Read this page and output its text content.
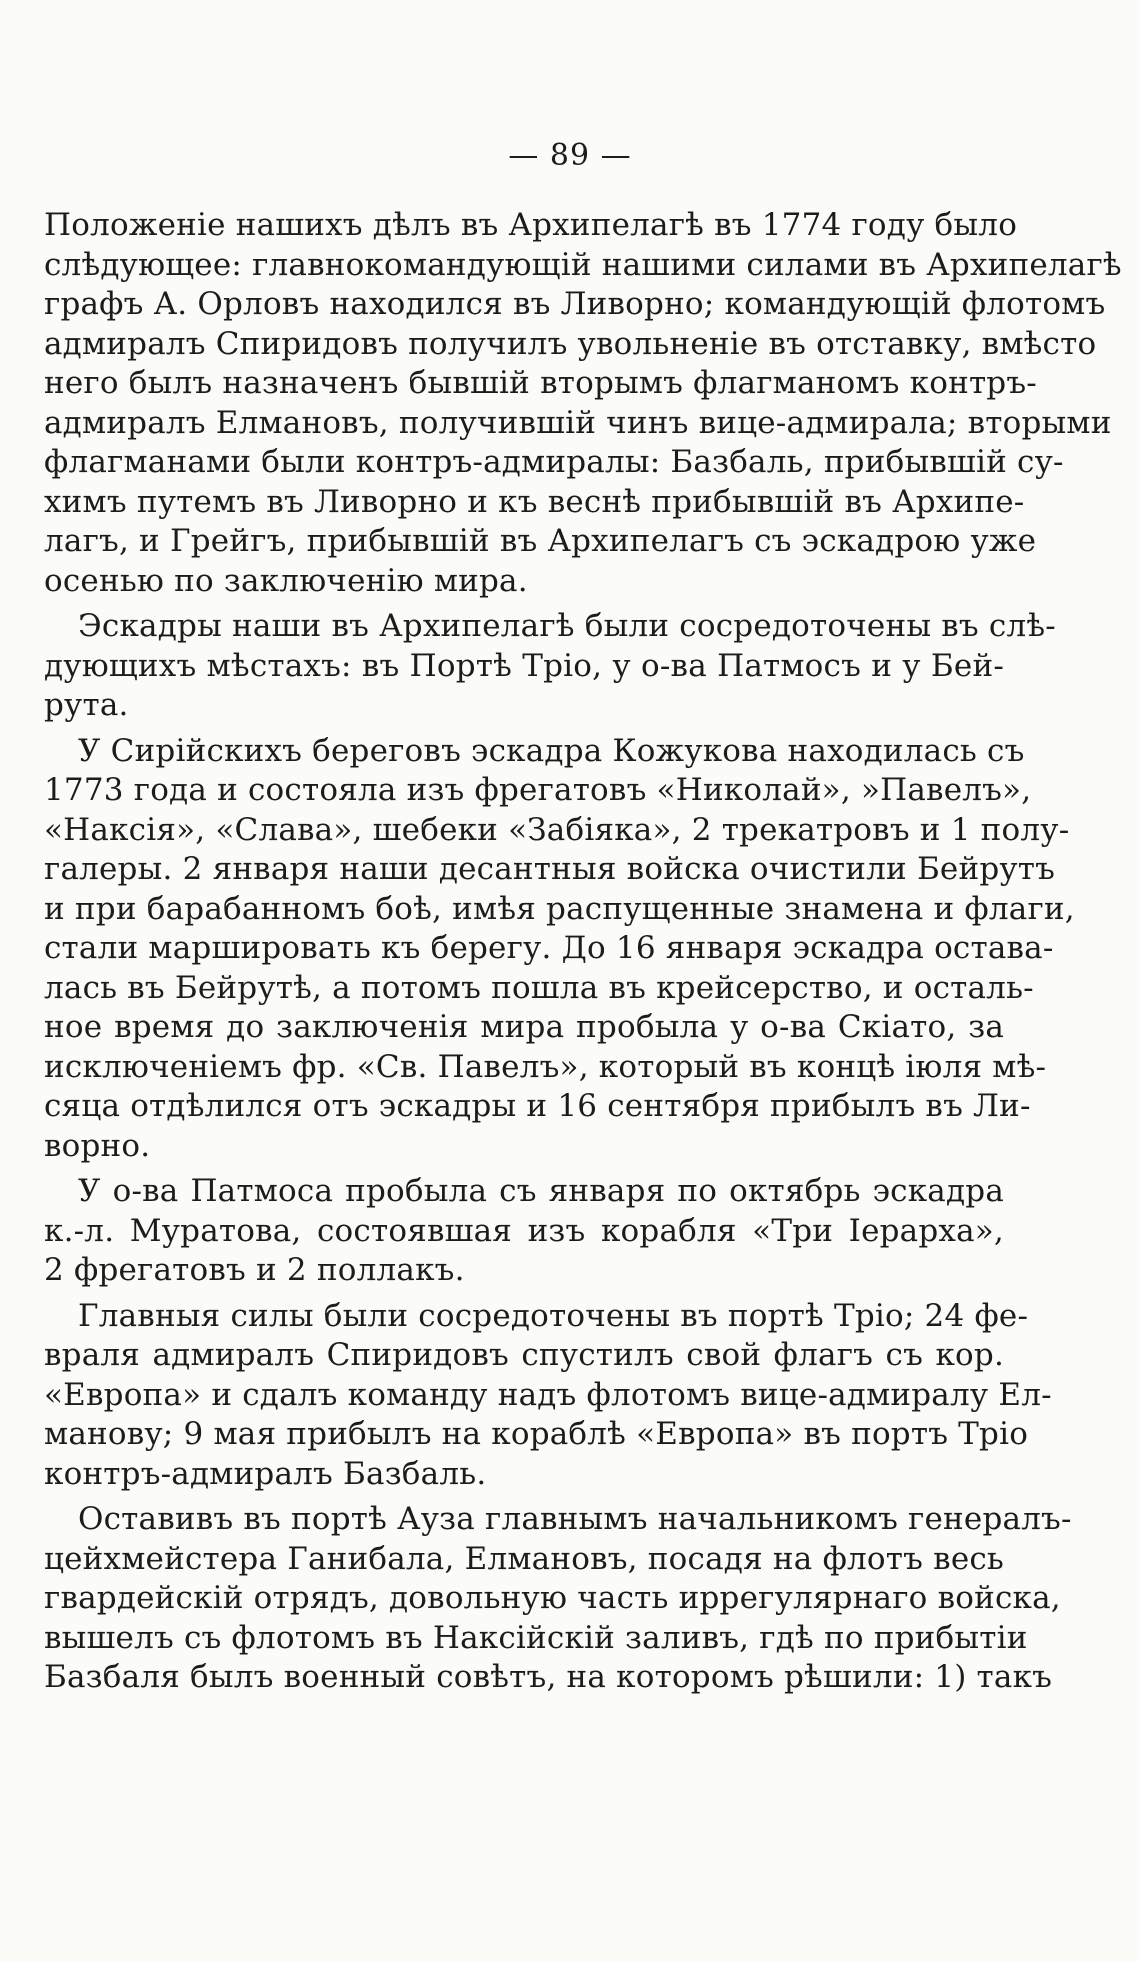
— 89 —
Положеніе нашихъ дѣлъ въ Архипелагѣ въ 1774 году было
слѣдующее: главнокомандующій нашими силами въ Архипелагѣ
графъ А. Орловъ находился въ Ливорно; командующій флотомъ
адмиралъ Спиридовъ получилъ увольненіе въ отставку, вмѣсто
него былъ назначенъ бывшій вторымъ флагманомъ контръ-
адмиралъ Елмановъ, получившій чинъ вице-адмирала; вторыми
флагманами были контръ-адмиралы: Базбаль, прибывшій су-
химъ путемъ въ Ливорно и къ веснѣ прибывшій въ Архипе-
лагъ, и Грейгъ, прибывшій въ Архипелагъ съ эскадрою уже
осенью по заключенію мира.
Эскадры наши въ Архипелагѣ были сосредоточены въ слѣ-
дующихъ мѣстахъ: въ Портѣ Тріо, у о-ва Патмосъ и у Бей-
рута.
У Сирійскихъ береговъ эскадра Кожукова находилась съ
1773 года и состояла изъ фрегатовъ «Николай», »Павелъ»,
«Наксія», «Слава», шебеки «Забіяка», 2 трекатровъ и 1 полу-
галеры. 2 января наши десантныя войска очистили Бейрутъ
и при барабанномъ боѣ, имѣя распущенные знамена и флаги,
стали маршировать къ берегу. До 16 января эскадра остава-
лась въ Бейрутѣ, а потомъ пошла въ крейсерство, и осталь-
ное время до заключенія мира пробыла у о-ва Скіато, за
исключеніемъ фр. «Св. Павелъ», который въ концѣ іюля мѣ-
сяца отдѣлился отъ эскадры и 16 сентября прибылъ въ Ли-
ворно.
У о-ва Патмоса пробыла съ января по октябрь эскадра
к.-л. Муратова, состоявшая изъ корабля «Три Іерарха»,
2 фрегатовъ и 2 поллакъ.
Главныя силы были сосредоточены въ портѣ Тріо; 24 фе-
враля адмиралъ Спиридовъ спустилъ свой флагъ съ кор.
«Европа» и сдалъ команду надъ флотомъ вице-адмиралу Ел-
манову; 9 мая прибылъ на кораблѣ «Европа» въ портъ Тріо
контръ-адмиралъ Базбаль.
Оставивъ въ портѣ Ауза главнымъ начальникомъ генералъ-
цейхмейстера Ганибала, Елмановъ, посадя на флотъ весь
гвардейскій отрядъ, довольную часть иррегулярнаго войска,
вышелъ съ флотомъ въ Наксійскій заливъ, гдѣ по прибытіи
Базбаля былъ военный совѣтъ, на которомъ рѣшили: 1) такъ
